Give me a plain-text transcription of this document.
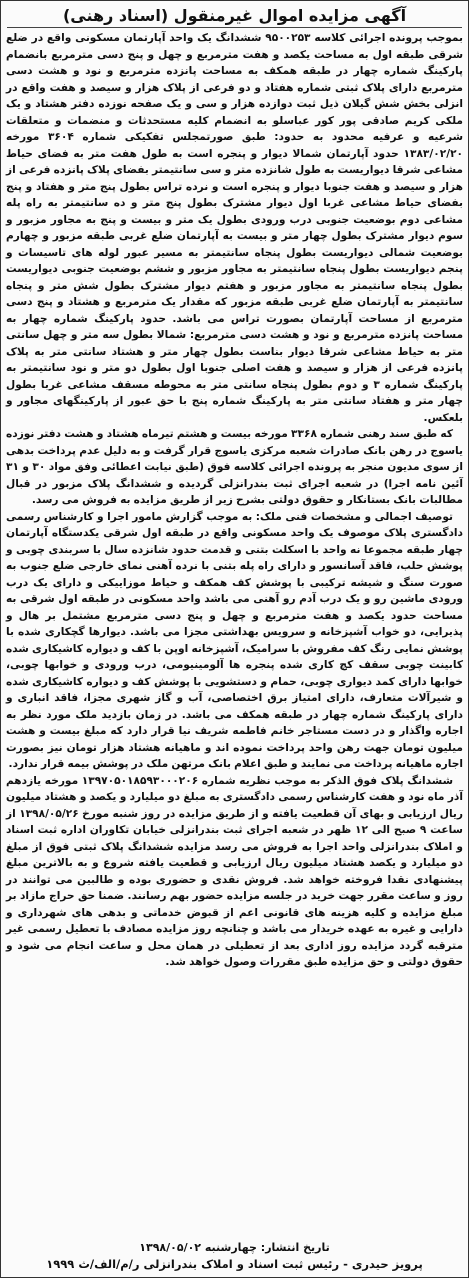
آگهی مزایده اموال غیرمنقول (اسناد رهنی)

بموجب پرونده اجرائی کلاسه ۹۵۰۰۲۵۳ ششدانگ یک واحد آپارتمان مسکونی واقع در ضلع شرقی طبقه اول به مساحت یکصد و هفت مترمربع و چهل و پنج دسی مترمربع بانضمام پارکینگ شماره چهار در طبقه همکف به مساحت پانزده مترمربع و نود و هشت دسی مترمربع دارای پلاک ثبتی شماره هفتاد و دو فرعی از پلاک هزار و سیصد و هفت واقع در انزلی بخش شش گیلان ذیل ثبت دوازده هزار و سی و یک صفحه نوزده دفتر هشتاد و یک ملکی کریم صادقی پور کور عباسلو به انضمام کلیه مستحدثات و منضمات و متعلقات شرعیه و عرفیه محدود به حدود: طبق صورتمجلس تفکیکی شماره ۳۶۰۴ مورخه ۱۳۸۳/۰۲/۲۰ حدود آپارتمان شمالا دیوار و پنجره است به طول هفت متر به فضای حیاط مشاعی شرقا دیواریست به طول شانزده متر و سی سانتیمتر بفضای پلاک پانزده فرعی از هزار و سیصد و هفت جنوبا دیوار و پنجره است و نرده تراس بطول پنج متر و هفتاد و پنج بفضای حیاط مشاعی غربا اول دیوار مشترک بطول پنج متر و ده سانتیمتر به راه پله مشاعی دوم بوضعیت جنوبی درب ورودی بطول یک متر و بیست و پنج به مجاور مزبور و سوم دیوار مشترک بطول چهار متر و بیست به آپارتمان ضلع غربی طبقه مزبور و چهارم بوضعیت شمالی دیواریست بطول پنجاه سانتیمتر به مسیر عبور لوله های تاسیسات و پنجم دیواریست بطول پنجاه سانتیمتر به مجاور مزبور و ششم بوضعیت جنوبی دیواریست بطول پنجاه سانتیمتر به مجاور مزبور و هفتم دیوار مشترک بطول شش متر و پنجاه سانتیمتر به آپارتمان ضلع غربی طبقه مزبور که مقدار یک مترمربع و هشتاد و پنج دسی مترمربع از مساحت آپارتمان بصورت تراس می باشد. حدود پارکینگ شماره چهار به مساحت پانزده مترمربع و نود و هشت دسی مترمربع: شمالا بطول سه متر و چهل سانتی متر به حیاط مشاعی شرقا دیوار بناست بطول چهار متر و هشتاد سانتی متر به پلاک پانزده فرعی از هزار و سیصد و هفت اصلی جنوبا اول بطول دو متر و نود سانتیمتر به پارکینگ شماره ۳ و دوم بطول پنجاه سانتی متر به محوطه مسقف مشاعی غربا بطول چهار متر و هفتاد سانتی متر به پارکینگ شماره پنج با حق عبور از پارکینگهای مجاور و بلعکس.

که طبق سند رهنی شماره ۳۳۶۸ مورخه بیست و هشتم تیرماه هشتاد و هشت دفتر نوزده یاسوج در رهن بانک صادرات شعبه مرکزی یاسوج قرار گرفت و به دلیل عدم پرداخت بدهی از سوی مدیون منجر به پرونده اجرائی کلاسه فوق (طبق نیابت اعطائی وفق مواد ۳۰ و ۳۱ آئین نامه اجرا) در شعبه اجرای ثبت بندرانزلی گردیده و ششدانگ پلاک مزبور در قبال مطالبات بانک بستانکار و حقوق دولتی بشرح زیر از طریق مزایده به فروش می رسد.

توصیف اجمالی و مشخصات فنی ملک: به موجب گزارش مامور اجرا و کارشناس رسمی دادگستری پلاک موصوف یک واحد مسکونی واقع در طبقه اول شرقی یکدستگاه آپارتمان چهار طبقه مجموعا نه واحد با اسکلت بتنی و قدمت حدود شانزده سال با سربندی چوبی و پوشش حلب، فاقد آسانسور و دارای راه پله بتنی با نرده آهنی نمای خارجی ضلع جنوب به صورت سنگ و شیشه ترکیبی با پوشش کف همکف و حیاط موزاییکی و دارای یک درب ورودی ماشین رو و یک درب آدم رو آهنی می باشد واحد مسکونی در طبقه اول شرقی به مساحت حدود یکصد و هفت مترمربع و چهل و پنج دسی مترمربع مشتمل بر هال و پذیرایی، دو خواب آشپزخانه و سرویس بهداشتی مجزا می باشد. دیوارها گچکاری شده با پوشش نمایی رنگ کف مفروش با سرامیک، آشپزخانه اوپن با کف و دیواره کاشیکاری شده کابینت چوبی سقف کچ کاری شده پنجره ها آلومینیومی، درب ورودی و خوابها چوبی، خوابها دارای کمد دیواری چوبی، حمام و دستشویی با پوشش کف و دیواره کاشیکاری شده و شیرآلات متعارف، دارای امتیاز برق اختصاصی، آب و گاز شهری مجزا، فاقد انباری و دارای پارکینگ شماره چهار در طبقه همکف می باشد. در زمان بازدید ملک مورد نظر به اجاره واگذار و در دست مستاجر خانم فاطمه شریف نیا قرار دارد که مبلغ بیست و هشت میلیون تومان جهت رهن واحد پرداخت نموده اند و ماهیانه هشتاد هزار تومان نیز بصورت اجاره ماهیانه پرداخت می نمایند و طبق اعلام بانک مرتهن ملک در پوشش بیمه قرار ندارد.

ششدانگ پلاک فوق الذکر به موجب نظریه شماره ۱۳۹۷۰۵۰۱۸۵۹۳۰۰۰۲۰۶ مورخه یازدهم آذر ماه نود و هفت کارشناس رسمی دادگستری به مبلغ دو میلیارد و یکصد و هشتاد میلیون ریال ارزیابی و بهای آن قطعیت یافته و از طریق مزایده در روز شنبه مورخ ۱۳۹۸/۰۵/۲۶ از ساعت ۹ صبح الی ۱۲ ظهر در شعبه اجرای ثبت بندرانزلی خیابان تکاوران اداره ثبت اسناد و املاک بندرانزلی واحد اجرا به فروش می رسد مزایده ششدانگ پلاک ثبتی فوق از مبلغ دو میلیارد و یکصد هشتاد میلیون ریال ارزیابی و قطعیت یافته شروع و به بالاترین مبلغ پیشنهادی نقدا فروخته خواهد شد. فروش نقدی و حضوری بوده و طالبین می توانند در روز و ساعت مقرر جهت خرید در جلسه مزایده حضور بهم رسانند. ضمنا حق حراج مازاد بر مبلغ مزایده و کلیه هزینه های قانونی اعم از قبوض خدماتی و بدهی های شهرداری و دارایی و غیره به عهده خریدار می باشد و چنانچه روز مزایده مصادف با تعطیل رسمی غیر مترقبه گردد مزایده روز اداری بعد از تعطیلی در همان محل و ساعت انجام می شود و حقوق دولتی و حق مزایده طبق مقررات وصول خواهد شد.

تاریخ انتشار: چهارشنبه ۱۳۹۸/۰۵/۰۲
پرویز حیدری - رئیس ثبت اسناد و املاک بندرانزلی ر/م/الف/ث ۱۹۹۹
